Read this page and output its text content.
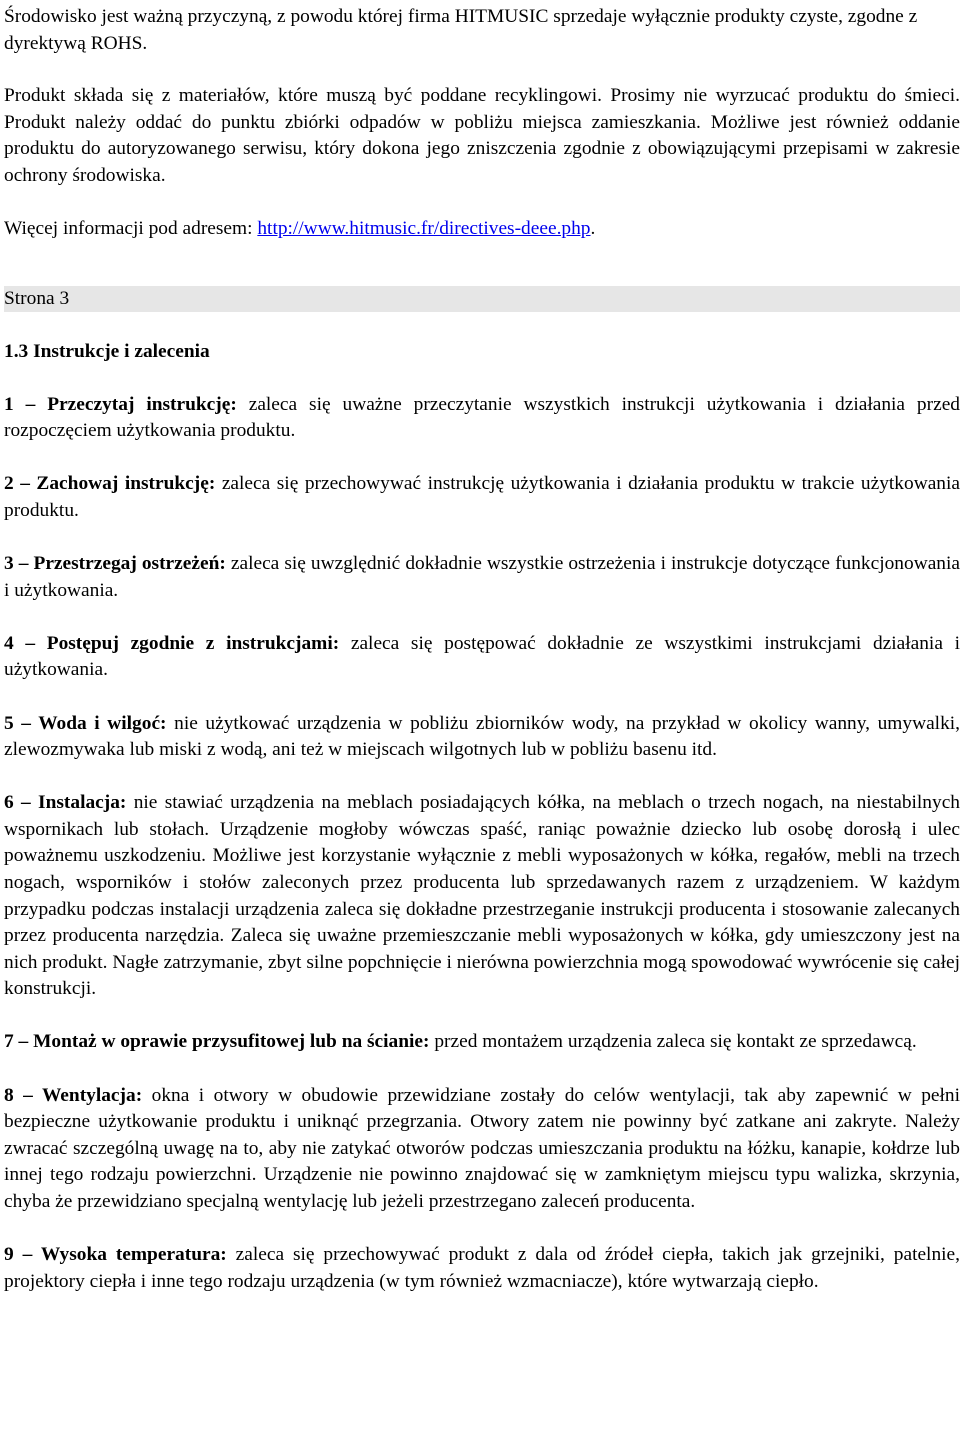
Środowisko jest ważną przyczyną, z powodu której firma HITMUSIC sprzedaje wyłącznie produkty czyste, zgodne z dyrektywą ROHS.

Produkt składa się z materiałów, które muszą być poddane recyklingowi. Prosimy nie wyrzucać produktu do śmieci. Produkt należy oddać do punktu zbiórki odpadów w pobliżu miejsca zamieszkania. Możliwe jest również oddanie produktu do autoryzowanego serwisu, który dokona jego zniszczenia zgodnie z obowiązującymi przepisami w zakresie ochrony środowiska.

Więcej informacji pod adresem: http://www.hitmusic.fr/directives-deee.php.

Strona 3
1.3 Instrukcje i zalecenia

1 – Przeczytaj instrukcję: zaleca się uważne przeczytanie wszystkich instrukcji użytkowania i działania przed rozpoczęciem użytkowania produktu.

2 – Zachowaj instrukcję: zaleca się przechowywać instrukcję użytkowania i działania produktu w trakcie użytkowania produktu.

3 – Przestrzegaj ostrzeżeń: zaleca się uwzględnić dokładnie wszystkie ostrzeżenia i instrukcje dotyczące funkcjonowania i użytkowania.

4 – Postępuj zgodnie z instrukcjami: zaleca się postępować dokładnie ze wszystkimi instrukcjami działania i użytkowania.

5 – Woda i wilgoć: nie użytkować urządzenia w pobliżu zbiorników wody, na przykład w okolicy wanny, umywalki, zlewozmywaka lub miski z wodą, ani też w miejscach wilgotnych lub w pobliżu basenu itd.

6 – Instalacja: nie stawiać urządzenia na meblach posiadających kółka, na meblach o trzech nogach, na niestabilnych wspornikach lub stołach. Urządzenie mogłoby wówczas spaść, raniąc poważnie dziecko lub osobę dorosłą i ulec poważnemu uszkodzeniu. Możliwe jest korzystanie wyłącznie z mebli wyposażonych w kółka, regałów, mebli na trzech nogach, wsporników i stołów zaleconych przez producenta lub sprzedawanych razem z urządzeniem. W każdym przypadku podczas instalacji urządzenia zaleca się dokładne przestrzeganie instrukcji producenta i stosowanie zalecanych przez producenta narzędzia. Zaleca się uważne przemieszczanie mebli wyposażonych w kółka, gdy umieszczony jest na nich produkt. Nagłe zatrzymanie, zbyt silne popchnięcie i nierówna powierzchnia mogą spowodować wywrócenie się całej konstrukcji.

7 – Montaż w oprawie przysufitowej lub na ścianie: przed montażem urządzenia zaleca się kontakt ze sprzedawcą.

8 – Wentylacja: okna i otwory w obudowie przewidziane zostały do celów wentylacji, tak aby zapewnić w pełni bezpieczne użytkowanie produktu i uniknąć przegrzania. Otwory zatem nie powinny być zatkane ani zakryte. Należy zwracać szczególną uwagę na to, aby nie zatykać otworów podczas umieszczania produktu na łóżku, kanapie, kołdrze lub innej tego rodzaju powierzchni. Urządzenie nie powinno znajdować się w zamkniętym miejscu typu walizka, skrzynia, chyba że przewidziano specjalną wentylację lub jeżeli przestrzegano zaleceń producenta.

9 – Wysoka temperatura: zaleca się przechowywać produkt z dala od źródeł ciepła, takich jak grzejniki, patelnie, projektory ciepła i inne tego rodzaju urządzenia (w tym również wzmacniacze), które wytwarzają ciepło.
